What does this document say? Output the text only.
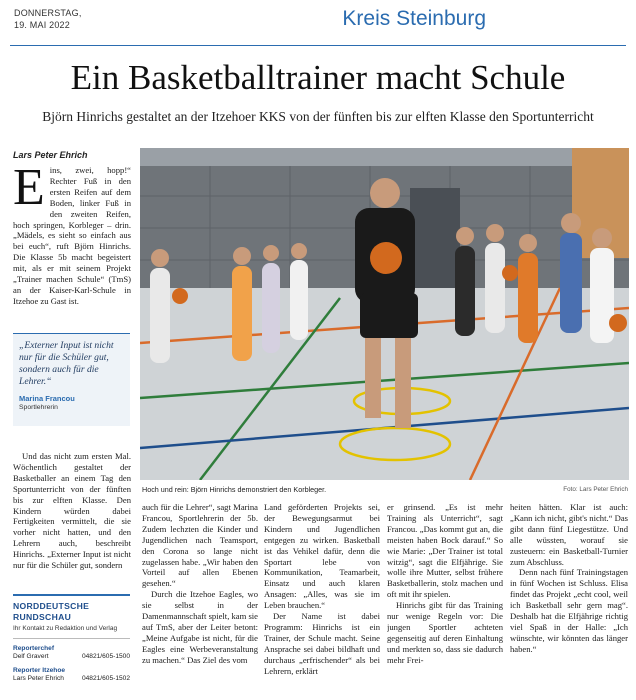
DONNERSTAG,
19. MAI 2022	Kreis Steinburg
Ein Basketballtrainer macht Schule
Björn Hinrichs gestaltet an der Itzehoer KKS von der fünften bis zur elften Klasse den Sportunterricht
Lars Peter Ehrich
E ins, zwei, hopp!“ Rechter Fuß in den ersten Reifen auf dem Boden, linker Fuß in den zweiten Reifen, hoch springen, Korbleger – drin. „Mädels, es sieht so einfach aus bei euch“, ruft Björn Hinrichs. Die Klasse 5b macht begeistert mit, als er mit seinem Projekt „Trainer machen Schule“ (TmS) an der Kaiser-Karl-Schule in Itzehoe zu Gast ist.

„Externer Input ist nicht nur für die Schüler gut, sondern auch für die Lehrer.“
Marina Francou
Sportlehrerin

Und das nicht zum ersten Mal. Wöchentlich gestaltet der Basketballer an einem Tag den Sportunterricht von der fünften bis zur elften Klasse. Den Kindern würden dabei Fertigkeiten vermittelt, die sie vorher nicht hatten, und den Lehrern auch, beschreibt Hinrichs. „Externer Input ist nicht nur für die Schüler gut, sondern

Hoch und rein: Björn Hinrichs demonstriert den Korbleger.	Foto: Lars Peter Ehrich

auch für die Lehrer“, sagt Marina Francou, Sportlehrerin der 5b. Zudem lechzten die Kinder und Jugendlichen nach Teamsport, den Corona so lange nicht zugelassen habe. „Wir haben den Vorteil auf allen Ebenen gesehen.“

Durch die Itzehoe Eagles, wo sie selbst in der Damenmannschaft spielt, kam sie auf TmS, aber der Leiter betont: „Meine Aufgabe ist nicht, für die Eagles eine Werbeveranstaltung zu machen.“ Das Ziel des vom

Land geförderten Projekts sei, der Bewegungsarmut bei Kindern und Jugendlichen entgegen zu wirken. Basketball ist das Vehikel dafür, denn die Sportart lebe von Kommunikation, Teamarbeit, Einsatz und auch klaren Ansagen: „Alles, was sie im Leben brauchen.“

Der Name ist dabei Programm: Hinrichs ist ein Trainer, der Schule macht. Seine Ansprache sei dabei bildhaft und durchaus „erfrischender“ als bei Lehrern, erklärt

er grinsend. „Es ist mehr Training als Unterricht“, sagt Francou. „Das kommt gut an, die meisten haben Bock darauf.“ So wie Marie: „Der Trainer ist total witzig“, sagt die Elfjährige. Sie wolle ihre Mutter, selbst frühere Basketballerin, stolz machen und oft mit ihr spielen.

Hinrichs gibt für das Training nur wenige Regeln vor: Die jungen Sportler achteten gegenseitig auf deren Einhaltung und merkten so, dass sie dadurch mehr Frei-

heiten hätten. Klar ist auch: „Kann ich nicht, gibt's nicht.“ Das gibt dann fünf Liegestütze. Und alle wüssten, worauf sie zusteuern: ein Basketball-Turnier zum Abschluss.

Denn nach fünf Trainingstagen in fünf Wochen ist Schluss. Elisa findet das Projekt „echt cool, weil ich Basketball sehr gern mag“. Deshalb hat die Elfjährige richtig viel Spaß in der Halle: „Ich wünschte, wir könnten das länger haben.“

NORDDEUTSCHE RUNDSCHAU
Ihr Kontakt zu Redaktion und Verlag
Reporterchef
Delf Gravert	04821/605-1500
Reporter Itzehoe
Lars Peter Ehrich	04821/605-1502
